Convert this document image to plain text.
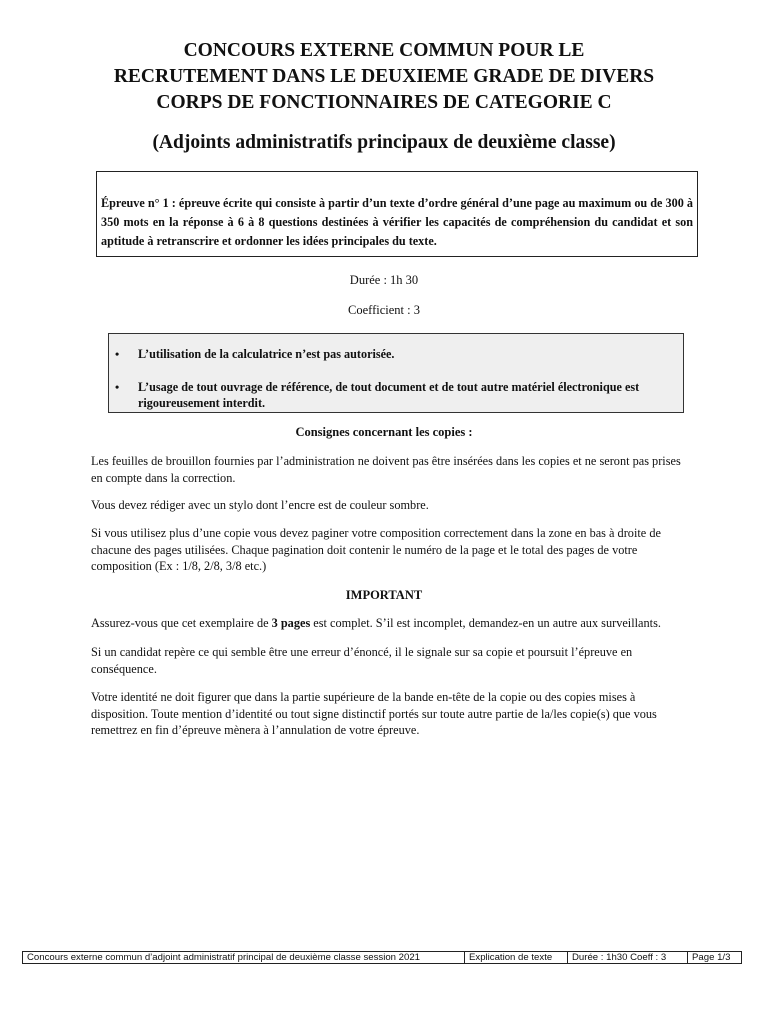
CONCOURS EXTERNE COMMUN POUR LE
RECRUTEMENT DANS LE DEUXIEME GRADE DE DIVERS
CORPS DE FONCTIONNAIRES DE CATEGORIE C
(Adjoints administratifs principaux de deuxième classe)
Épreuve n° 1 : épreuve écrite qui consiste à partir d’un texte d’ordre général d’une page au maximum ou de 300 à 350 mots en la réponse à 6 à 8 questions destinées à vérifier les capacités de compréhension du candidat et son aptitude à retranscrire et ordonner les idées principales du texte.
Durée : 1h 30
Coefficient : 3
•	L’utilisation de la calculatrice n’est pas autorisée.
•	L’usage de tout ouvrage de référence, de tout document et de tout autre matériel électronique est rigoureusement interdit.
Consignes concernant les copies :
Les feuilles de brouillon fournies par l’administration ne doivent pas être insérées dans les copies et ne seront pas prises en compte dans la correction.
Vous devez rédiger avec un stylo dont l’encre est de couleur sombre.
Si vous utilisez plus d’une copie vous devez paginer votre composition correctement dans la zone en bas à droite de chacune des pages utilisées. Chaque pagination doit contenir le numéro de la page et le total des pages de votre composition (Ex : 1/8, 2/8, 3/8 etc.)
IMPORTANT
Assurez-vous que cet exemplaire de 3 pages est complet. S’il est incomplet, demandez-en un autre aux surveillants.
Si un candidat repère ce qui semble être une erreur d’énoncé, il le signale sur sa copie et poursuit l’épreuve en conséquence.
Votre identité ne doit figurer que dans la partie supérieure de la bande en-tête de la copie ou des copies mises à disposition. Toute mention d’identité ou tout signe distinctif portés sur toute autre partie de la/les copie(s) que vous remettrez en fin d’épreuve mènera à l’annulation de votre épreuve.
Concours externe commun d’adjoint administratif principal de deuxième classe session 2021	Explication de texte	Durée : 1h30 Coeff : 3	Page 1/3
